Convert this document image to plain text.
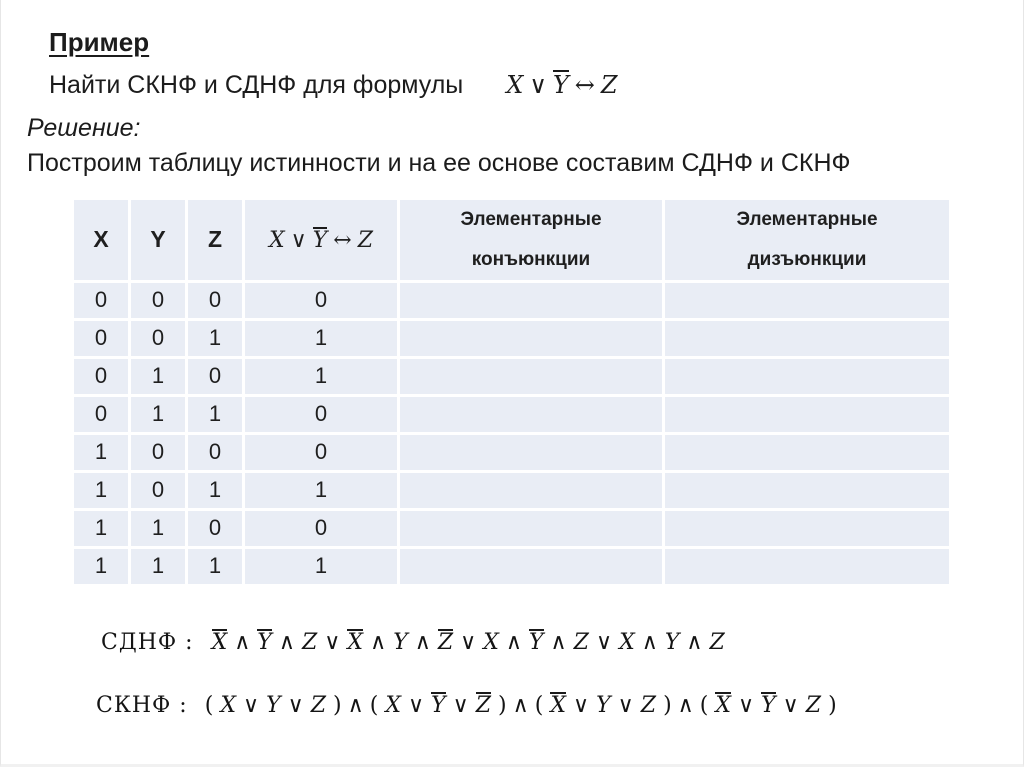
Пример
Найти СКНФ и СДНФ для формулы X ∨ Y ↔ Z
Решение:
Построим таблицу истинности и на ее основе составим СДНФ и СКНФ
X	Y	Z	X ∨ Y ↔ Z	Элементарные конъюнкции	Элементарные дизъюнкции
0	0	0	0		
0	0	1	1		
0	1	0	1		
0	1	1	0		
1	0	0	0		
1	0	1	1		
1	1	0	0		
1	1	1	1		
СДНФ : X ∧ Y ∧ Z ∨ X ∧ Y ∧ Z ∨ X ∧ Y ∧ Z ∨ X ∧ Y ∧ Z
СКНФ : ( X ∨ Y ∨ Z ) ∧ ( X ∨ Y ∨ Z ) ∧ ( X ∨ Y ∨ Z ) ∧ ( X ∨ Y ∨ Z )
